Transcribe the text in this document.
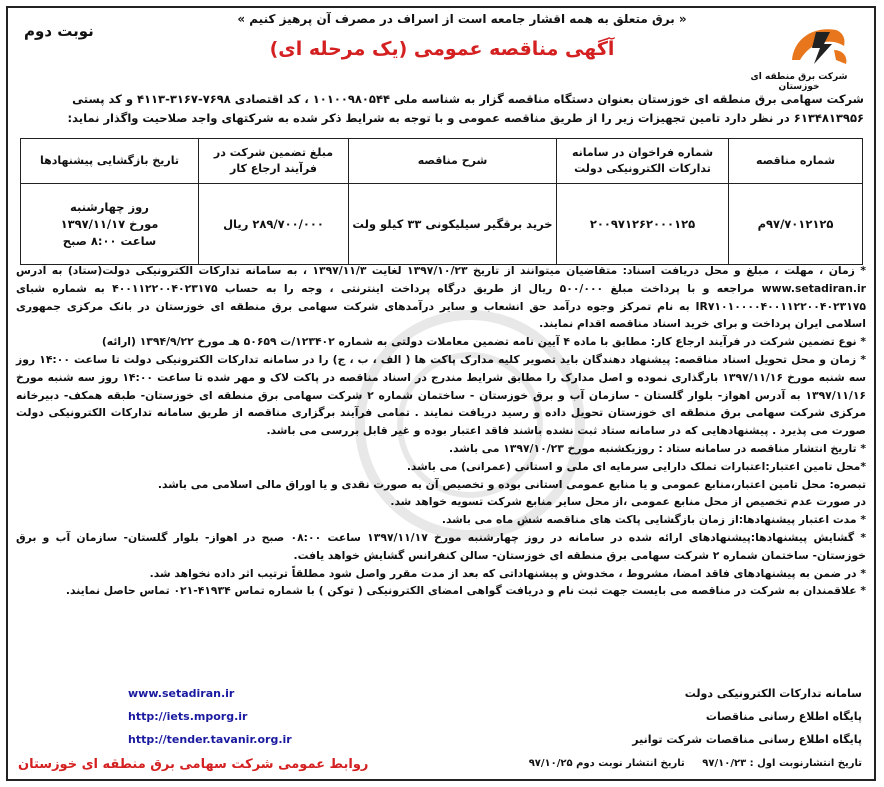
نوبت دوم
« برق متعلق به همه اقشار جامعه است از اسراف در مصرف آن پرهیز کنیم »
آگهی مناقصه عمومی (یک مرحله ای)
شرکت برق منطقه ای خوزستان
شرکت سهامی برق منطقه ای خوزستان بعنوان دستگاه مناقصه گزار به شناسه ملی ۱۰۱۰۰۹۸۰۵۴۴ ، کد اقتصادی ۷۶۹۸-۳۱۶۷-۴۱۱۳ و کد پستی
۶۱۳۴۸۱۳۹۵۶ در نظر دارد تامین تجهیزات زیر را از طریق مناقصه عمومی و با توجه به شرایط ذکر شده به شرکتهای واجد صلاحیت واگذار نماید:
شماره مناقصه	شماره فراخوان در سامانه تدارکات الکترونیکی دولت	شرح مناقصه	مبلغ تضمین شرکت در فرآیند ارجاع کار	تاریخ بازگشایی پیشنهادها
۹۷/۷۰۱۲۱۲۵م	۲۰۰۹۷۱۲۶۲۰۰۰۱۲۵	خرید برقگیر سیلیکونی ۳۳ کیلو ولت	۲۸۹/۷۰۰/۰۰۰ ریال	روز چهارشنبه
مورخ ۱۳۹۷/۱۱/۱۷
ساعت ۸:۰۰ صبح

* زمان ، مهلت ، مبلغ و محل دریافت اسناد: متقاضیان میتوانند از تاریخ ۱۳۹۷/۱۰/۲۳ لغایت ۱۳۹۷/۱۱/۳ ، به سامانه تدارکات الکترونیکی دولت(ستاد) به آدرس www.setadiran.ir مراجعه و با پرداخت مبلغ ۵۰۰/۰۰۰ ریال از طریق درگاه پرداخت اینترنتی ، وجه را به حساب ۴۰۰۱۱۲۲۰۰۴۰۲۳۱۷۵ به شماره شبای IR۷۱۰۱۰۰۰۰۴۰۰۱۱۲۲۰۰۴۰۲۳۱۷۵ به نام تمرکز وجوه درآمد حق انشعاب و سایر درآمدهای شرکت سهامی برق منطقه ای خوزستان در بانک مرکزی جمهوری اسلامی ایران پرداخت و برای خرید اسناد مناقصه اقدام نمایند.

* نوع تضمین شرکت در فرآیند ارجاع کار: مطابق با ماده ۴ آیین نامه تضمین معاملات دولتی به شماره ۱۲۳۴۰۲/ت ۵۰۶۵۹ هـ مورخ ۱۳۹۴/۹/۲۲ (ارائه)

* زمان و محل تحویل اسناد مناقصه: پیشنهاد دهندگان باید تصویر کلیه مدارک پاکت ها ( الف ، ب ، ج) را در سامانه تدارکات الکترونیکی دولت تا ساعت ۱۴:۰۰ روز سه شنبه مورخ ۱۳۹۷/۱۱/۱۶ بارگذاری نموده و اصل مدارک را مطابق شرایط مندرج در اسناد مناقصه در پاکت لاک و مهر شده تا ساعت ۱۴:۰۰ روز سه شنبه مورخ ۱۳۹۷/۱۱/۱۶ به آدرس اهواز- بلوار گلستان - سازمان آب و برق خوزستان - ساختمان شماره ۲ شرکت سهامی برق منطقه ای خوزستان- طبقه همکف- دبیرخانه مرکزی شرکت سهامی برق منطقه ای خوزستان تحویل داده و رسید دریافت نمایند . تمامی فرآیند برگزاری مناقصه از طریق سامانه تدارکات الکترونیکی دولت صورت می پذیرد . پیشنهادهایی که در سامانه ستاد ثبت نشده باشند فاقد اعتبار بوده و غیر قابل بررسی می باشد.

* تاریخ انتشار مناقصه در سامانه ستاد : روزیکشنبه مورخ ۱۳۹۷/۱۰/۲۳ می باشد.

*محل تامین اعتبار:اعتبارات تملک دارایی سرمایه ای ملی و استانی (عمرانی) می باشد.

تبصره: محل تامین اعتبار،منابع عمومی و یا منابع عمومی استانی بوده و تخصیص آن به صورت نقدی و یا اوراق مالی اسلامی می باشد.

در صورت عدم تخصیص از محل منابع عمومی ،از محل سایر منابع شرکت تسویه خواهد شد.

* مدت اعتبار پیشنهادها:از زمان بازگشایی پاکت های مناقصه شش ماه می باشد.

* گشایش پیشنهادها:پیشنهادهای ارائه شده در سامانه در روز چهارشنبه مورخ ۱۳۹۷/۱۱/۱۷ ساعت ۰۸:۰۰ صبح در اهواز- بلوار گلستان- سازمان آب و برق خوزستان- ساختمان شماره ۲ شرکت سهامی برق منطقه ای خوزستان- سالن کنفرانس گشایش خواهد یافت.

* در ضمن به پیشنهادهای فاقد امضا، مشروط ، مخدوش و پیشنهاداتی که بعد از مدت مقرر واصل شود مطلقاً ترتیب اثر داده نخواهد شد.

* علاقمندان به شرکت در مناقصه می بایست جهت ثبت نام و دریافت گواهی امضای الکترونیکی ( توکن ) با شماره تماس ۴۱۹۳۴-۰۲۱ تماس حاصل نمایند.

سامانه تدارکات الکترونیکی دولت
پایگاه اطلاع رسانی مناقصات
پایگاه اطلاع رسانی مناقصات شرکت توانیر
www.setadiran.ir
http://iets.mporg.ir
http://tender.tavanir.org.ir
روابط عمومی شرکت سهامی برق منطقه ای خوزستان	تاریخ انتشارنوبت اول : ۹۷/۱۰/۲۳ تاریخ انتشار نوبت دوم ۹۷/۱۰/۲۵
